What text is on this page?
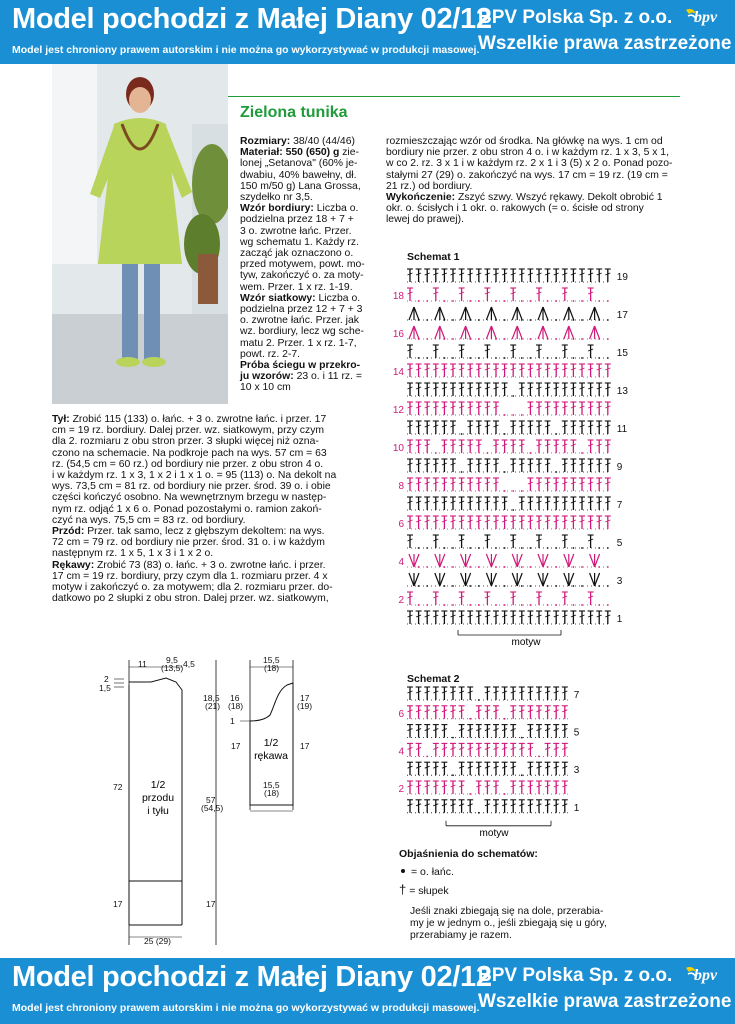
Model pochodzi z Małej Diany 02/12
Model jest chroniony prawem autorskim i nie można go wykorzystywać w produkcji masowej.
BPV Polska Sp. z o.o.
Wszelkie prawa zastrzeżone
bpv
Zielona tunika
Rozmiary: 38/40 (44/46)
Materiał: 550 (650) g zie-
lonej „Setanova" (60% je-
dwabiu, 40% bawełny, dł.
150 m/50 g) Lana Grossa,
szydełko nr 3,5.
Wzór bordiury: Liczba o.
podzielna przez 18 + 7 +
3 o. zwrotne łańc. Przer.
wg schematu 1. Każdy rz.
zacząć jak oznaczono o.
przed motywem, powt. mo-
tyw, zakończyć o. za moty-
wem. Przer. 1 x rz. 1-19.
Wzór siatkowy: Liczba o.
podzielna przez 12 + 7 + 3
o. zwrotne łańc. Przer. jak
wz. bordiury, lecz wg sche-
matu 2. Przer. 1 x rz. 1-7,
powt. rz. 2-7.
Próba ściegu w przekro-
ju wzorów: 23 o. i 11 rz. =
10 x 10 cm
Tył: Zrobić 115 (133) o. łańc. + 3 o. zwrotne łańc. i przer. 17
cm = 19 rz. bordiury. Dalej przer. wz. siatkowym, przy czym
dla 2. rozmiaru z obu stron przer. 3 słupki więcej niż ozna-
czono na schemacie. Na podkroje pach na wys. 57 cm = 63
rz. (54,5 cm = 60 rz.) od bordiury nie przer. z obu stron 4 o.
i w każdym rz. 1 x 3, 1 x 2 i 1 x 1 o. = 95 (113) o. Na dekolt na
wys. 73,5 cm = 81 rz. od bordiury nie przer. środ. 39 o. i obie
części kończyć osobno. Na wewnętrznym brzegu w następ-
nym rz. odjąć 1 x 6 o. Ponad pozostałymi o. ramion zakoń-
czyć na wys. 75,5 cm = 83 rz. od bordiury.
Przód: Przer. tak samo, lecz z głębszym dekoltem: na wys.
72 cm = 79 rz. od bordiury nie przer. środ. 31 o. i w każdym
następnym rz. 1 x 5, 1 x 3 i 1 x 2 o.
Rękawy: Zrobić 73 (83) o. łańc. + 3 o. zwrotne łańc. i przer.
17 cm = 19 rz. bordiury, przy czym dla 1. rozmiaru przer. 4 x
motyw i zakończyć o. za motywem; dla 2. rozmiaru przer. do-
datkowo po 2 słupki z obu stron. Dalej przer. wz. siatkowym,
rozmieszczając wzór od środka. Na główkę na wys. 1 cm od
bordiury nie przer. z obu stron 4 o. i w każdym rz. 1 x 3, 5 x 1,
w co 2. rz. 3 x 1 i w każdym rz. 2 x 1 i 3 (5) x 2 o. Ponad pozo-
stałymi 27 (29) o. zakończyć na wys. 17 cm = 19 rz. (19 cm =
21 rz.) od bordiury.
Wykończenie: Zszyć szwy. Wszyć rękawy. Dekolt obrobić 1
okr. o. ścisłych i 1 okr. o. rakowych (= o. ścisłe od strony
lewej do prawej).
Schemat 1
19
18
17
16
15
14
13
12
11
10
9
8
7
6
5
4
3
2
1
motyw
Schemat 2
7
6
5
4
3
2
1
motyw
Objaśnienia do schematów:
= o. łańc.
† = słupek
Jeśli znaki zbiegają się na dole, przerabia-
my je w jednym o., jeśli zbiegają się u góry,
przerabiamy je razem.
11 9,5
(13,5) 4,5
2
1,5
18,5
(21)
72
57
(54,5)
17	17
25 (29)
1/2
przodu
i tyłu
15,5
(18)
16
(18)
17
(19)
1
17	17
15,5
(18)
1/2
rękawa
Model pochodzi z Małej Diany 02/12
Model jest chroniony prawem autorskim i nie można go wykorzystywać w produkcji masowej.
BPV Polska Sp. z o.o.
Wszelkie prawa zastrzeżone
bpv
